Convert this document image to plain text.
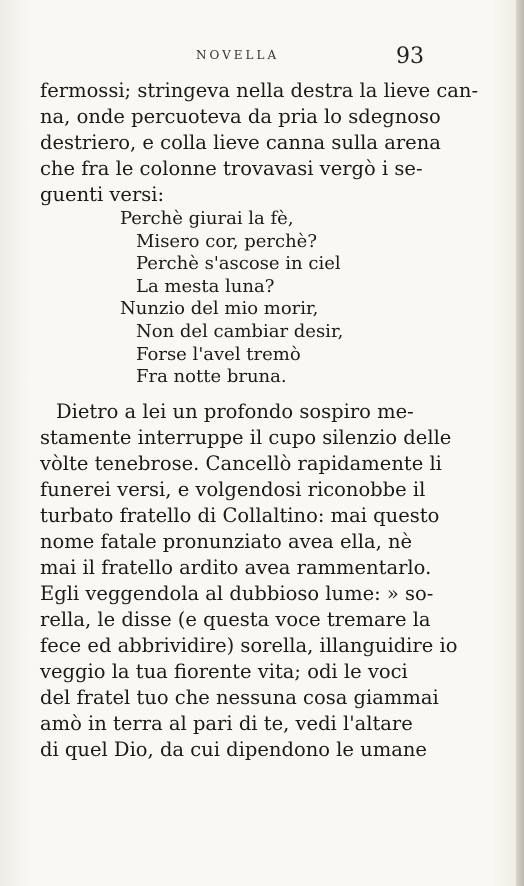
NOVELLA	93

fermossi; stringeva nella destra la lieve can-
na, onde percuoteva da pria lo sdegnoso
destriero, e colla lieve canna sulla arena
che fra le colonne trovavasi vergò i se-
guenti versi:

Perchè giurai la fè,
Misero cor, perchè?
Perchè s'ascose in ciel
La mesta luna?
Nunzio del mio morir,
Non del cambiar desir,
Forse l'avel tremò
Fra notte bruna.

Dietro a lei un profondo sospiro me-
stamente interruppe il cupo silenzio delle
vòlte tenebrose. Cancellò rapidamente li
funerei versi, e volgendosi riconobbe il
turbato fratello di Collaltino: mai questo
nome fatale pronunziato avea ella, nè
mai il fratello ardito avea rammentarlo.
Egli veggendola al dubbioso lume: » so-
rella, le disse (e questa voce tremare la
fece ed abbrividire) sorella, illanguidire io
veggio la tua fiorente vita; odi le voci
del fratel tuo che nessuna cosa giammai
amò in terra al pari di te, vedi l'altare
di quel Dio, da cui dipendono le umane
